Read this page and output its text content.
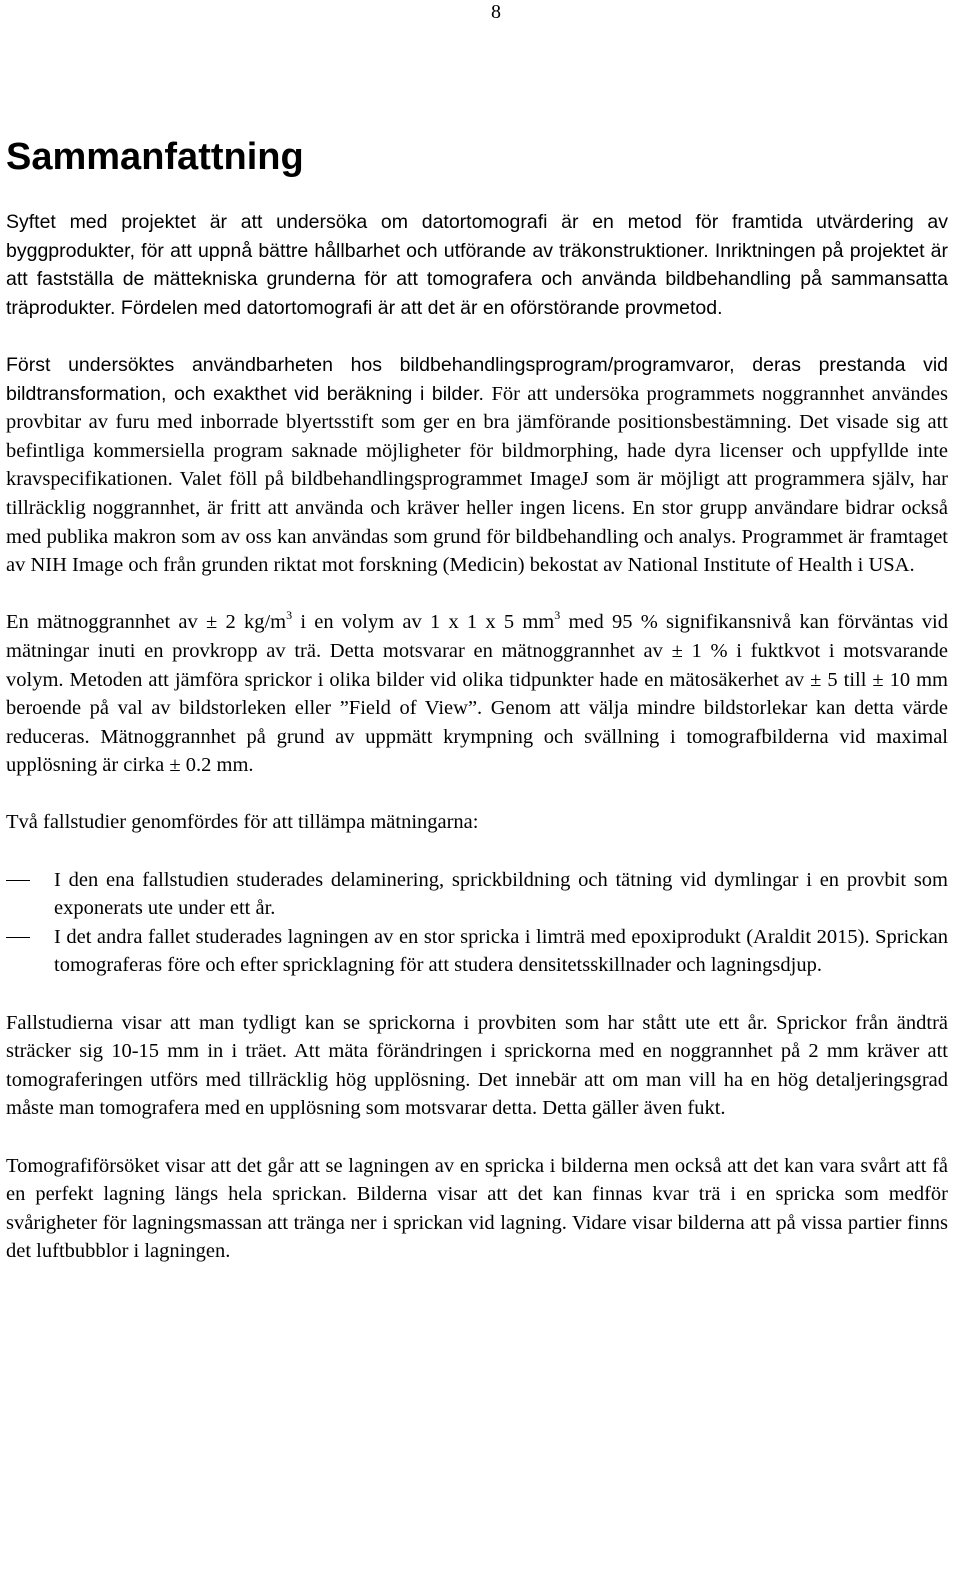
8
Sammanfattning

Syftet med projektet är att undersöka om datortomografi är en metod för framtida utvärdering av byggprodukter, för att uppnå bättre hållbarhet och utförande av träkonstruktioner. Inriktningen på projektet är att fastställa de mättekniska grunderna för att tomografera och använda bildbehandling på sammansatta träprodukter. Fördelen med datortomografi är att det är en oförstörande provmetod.

Först undersöktes användbarheten hos bildbehandlingsprogram/programvaror, deras prestanda vid bildtransformation, och exakthet vid beräkning i bilder. För att undersöka programmets noggrannhet användes provbitar av furu med inborrade blyertsstift som ger en bra jämförande positionsbestämning. Det visade sig att befintliga kommersiella program saknade möjligheter för bildmorphing, hade dyra licenser och uppfyllde inte kravspecifikationen. Valet föll på bildbehandlingsprogrammet ImageJ som är möjligt att programmera själv, har tillräcklig noggrannhet, är fritt att använda och kräver heller ingen licens. En stor grupp användare bidrar också med publika makron som av oss kan användas som grund för bildbehandling och analys. Programmet är framtaget av NIH Image och från grunden riktat mot forskning (Medicin) bekostat av National Institute of Health i USA.

En mätnoggrannhet av ± 2 $kg/m^3$ i en volym av 1 x 1 x 5 $mm^3$ med 95 % signifikansnivå kan förväntas vid mätningar inuti en provkropp av trä. Detta motsvarar en mätnoggrannhet av ± 1 % i fuktkvot i motsvarande volym. Metoden att jämföra sprickor i olika bilder vid olika tidpunkter hade en mätosäkerhet av ± 5 till ± 10 mm beroende på val av bildstorleken eller ”Field of View”. Genom att välja mindre bildstorlekar kan detta värde reduceras. Mätnoggrannhet på grund av uppmätt krympning och svällning i tomografbilderna vid maximal upplösning är cirka ± 0.2 mm.

Två fallstudier genomfördes för att tillämpa mätningarna:

I den ena fallstudien studerades delaminering, sprickbildning och tätning vid dymlingar i en provbit som exponerats ute under ett år.
I det andra fallet studerades lagningen av en stor spricka i limträ med epoxiprodukt (Araldit 2015). Sprickan tomograferas före och efter spricklagning för att studera densitetsskillnader och lagningsdjup.

Fallstudierna visar att man tydligt kan se sprickorna i provbiten som har stått ute ett år. Sprickor från ändträ sträcker sig 10-15 mm in i träet. Att mäta förändringen i sprickorna med en noggrannhet på 2 mm kräver att tomograferingen utförs med tillräcklig hög upplösning. Det innebär att om man vill ha en hög detaljeringsgrad måste man tomografera med en upplösning som motsvarar detta. Detta gäller även fukt.

Tomografiförsöket visar att det går att se lagningen av en spricka i bilderna men också att det kan vara svårt att få en perfekt lagning längs hela sprickan. Bilderna visar att det kan finnas kvar trä i en spricka som medför svårigheter för lagningsmassan att tränga ner i sprickan vid lagning. Vidare visar bilderna att på vissa partier finns det luftbubblor i lagningen.
